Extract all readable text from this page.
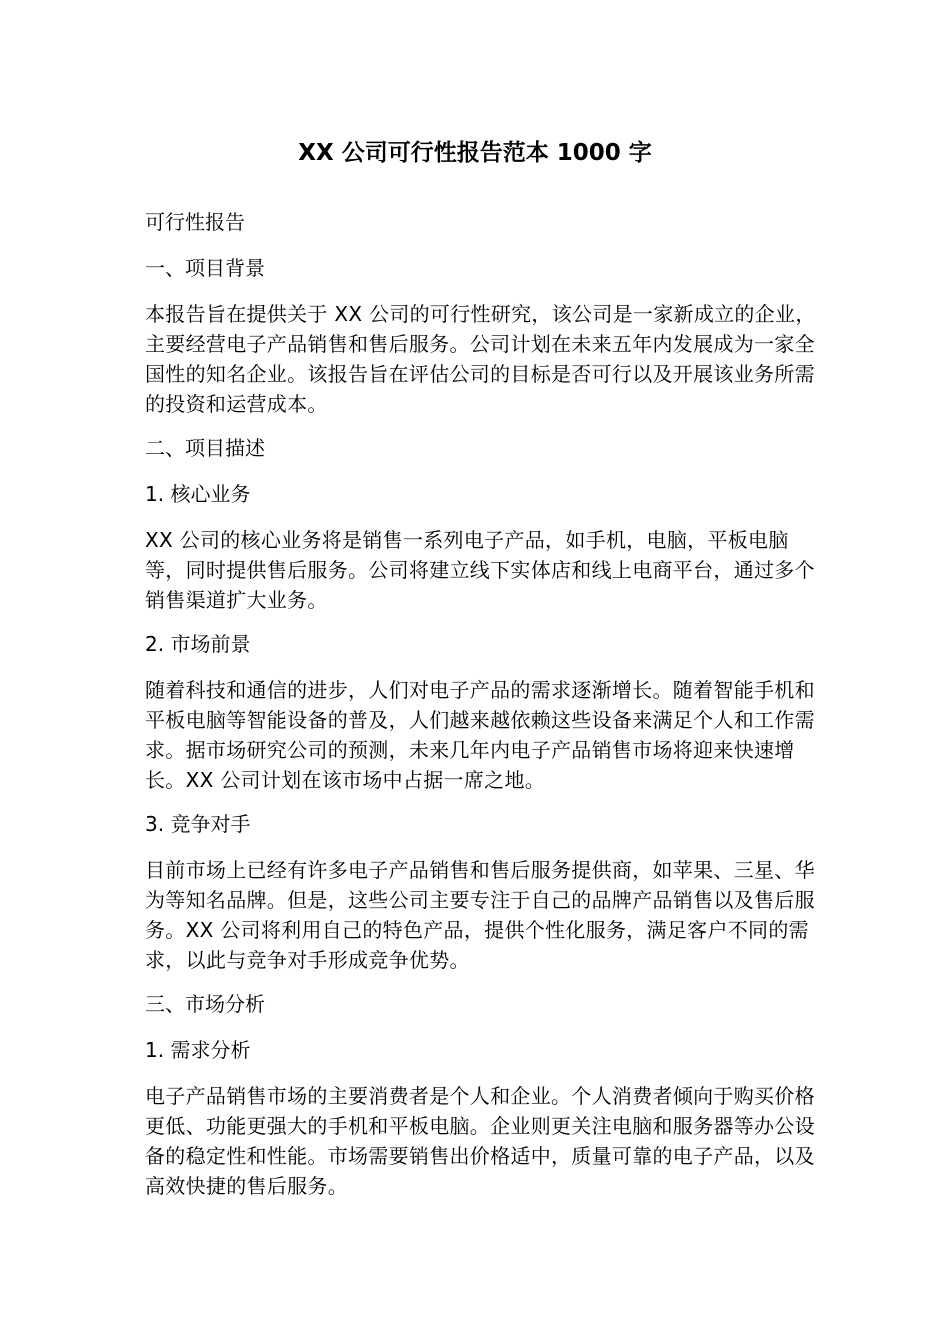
XX 公司可行性报告范本 1000 字

可行性报告

一、项目背景

本报告旨在提供关于 XX 公司的可行性研究，该公司是一家新成立的企业，主要经营电子产品销售和售后服务。公司计划在未来五年内发展成为一家全国性的知名企业。该报告旨在评估公司的目标是否可行以及开展该业务所需的投资和运营成本。

二、项目描述

1. 核心业务

XX 公司的核心业务将是销售一系列电子产品，如手机，电脑，平板电脑等，同时提供售后服务。公司将建立线下实体店和线上电商平台，通过多个销售渠道扩大业务。

2. 市场前景

随着科技和通信的进步，人们对电子产品的需求逐渐增长。随着智能手机和平板电脑等智能设备的普及，人们越来越依赖这些设备来满足个人和工作需求。据市场研究公司的预测，未来几年内电子产品销售市场将迎来快速增长。XX 公司计划在该市场中占据一席之地。

3. 竞争对手

目前市场上已经有许多电子产品销售和售后服务提供商，如苹果、三星、华为等知名品牌。但是，这些公司主要专注于自己的品牌产品销售以及售后服务。XX 公司将利用自己的特色产品，提供个性化服务，满足客户不同的需求，以此与竞争对手形成竞争优势。

三、市场分析

1. 需求分析

电子产品销售市场的主要消费者是个人和企业。个人消费者倾向于购买价格更低、功能更强大的手机和平板电脑。企业则更关注电脑和服务器等办公设备的稳定性和性能。市场需要销售出价格适中，质量可靠的电子产品，以及高效快捷的售后服务。
